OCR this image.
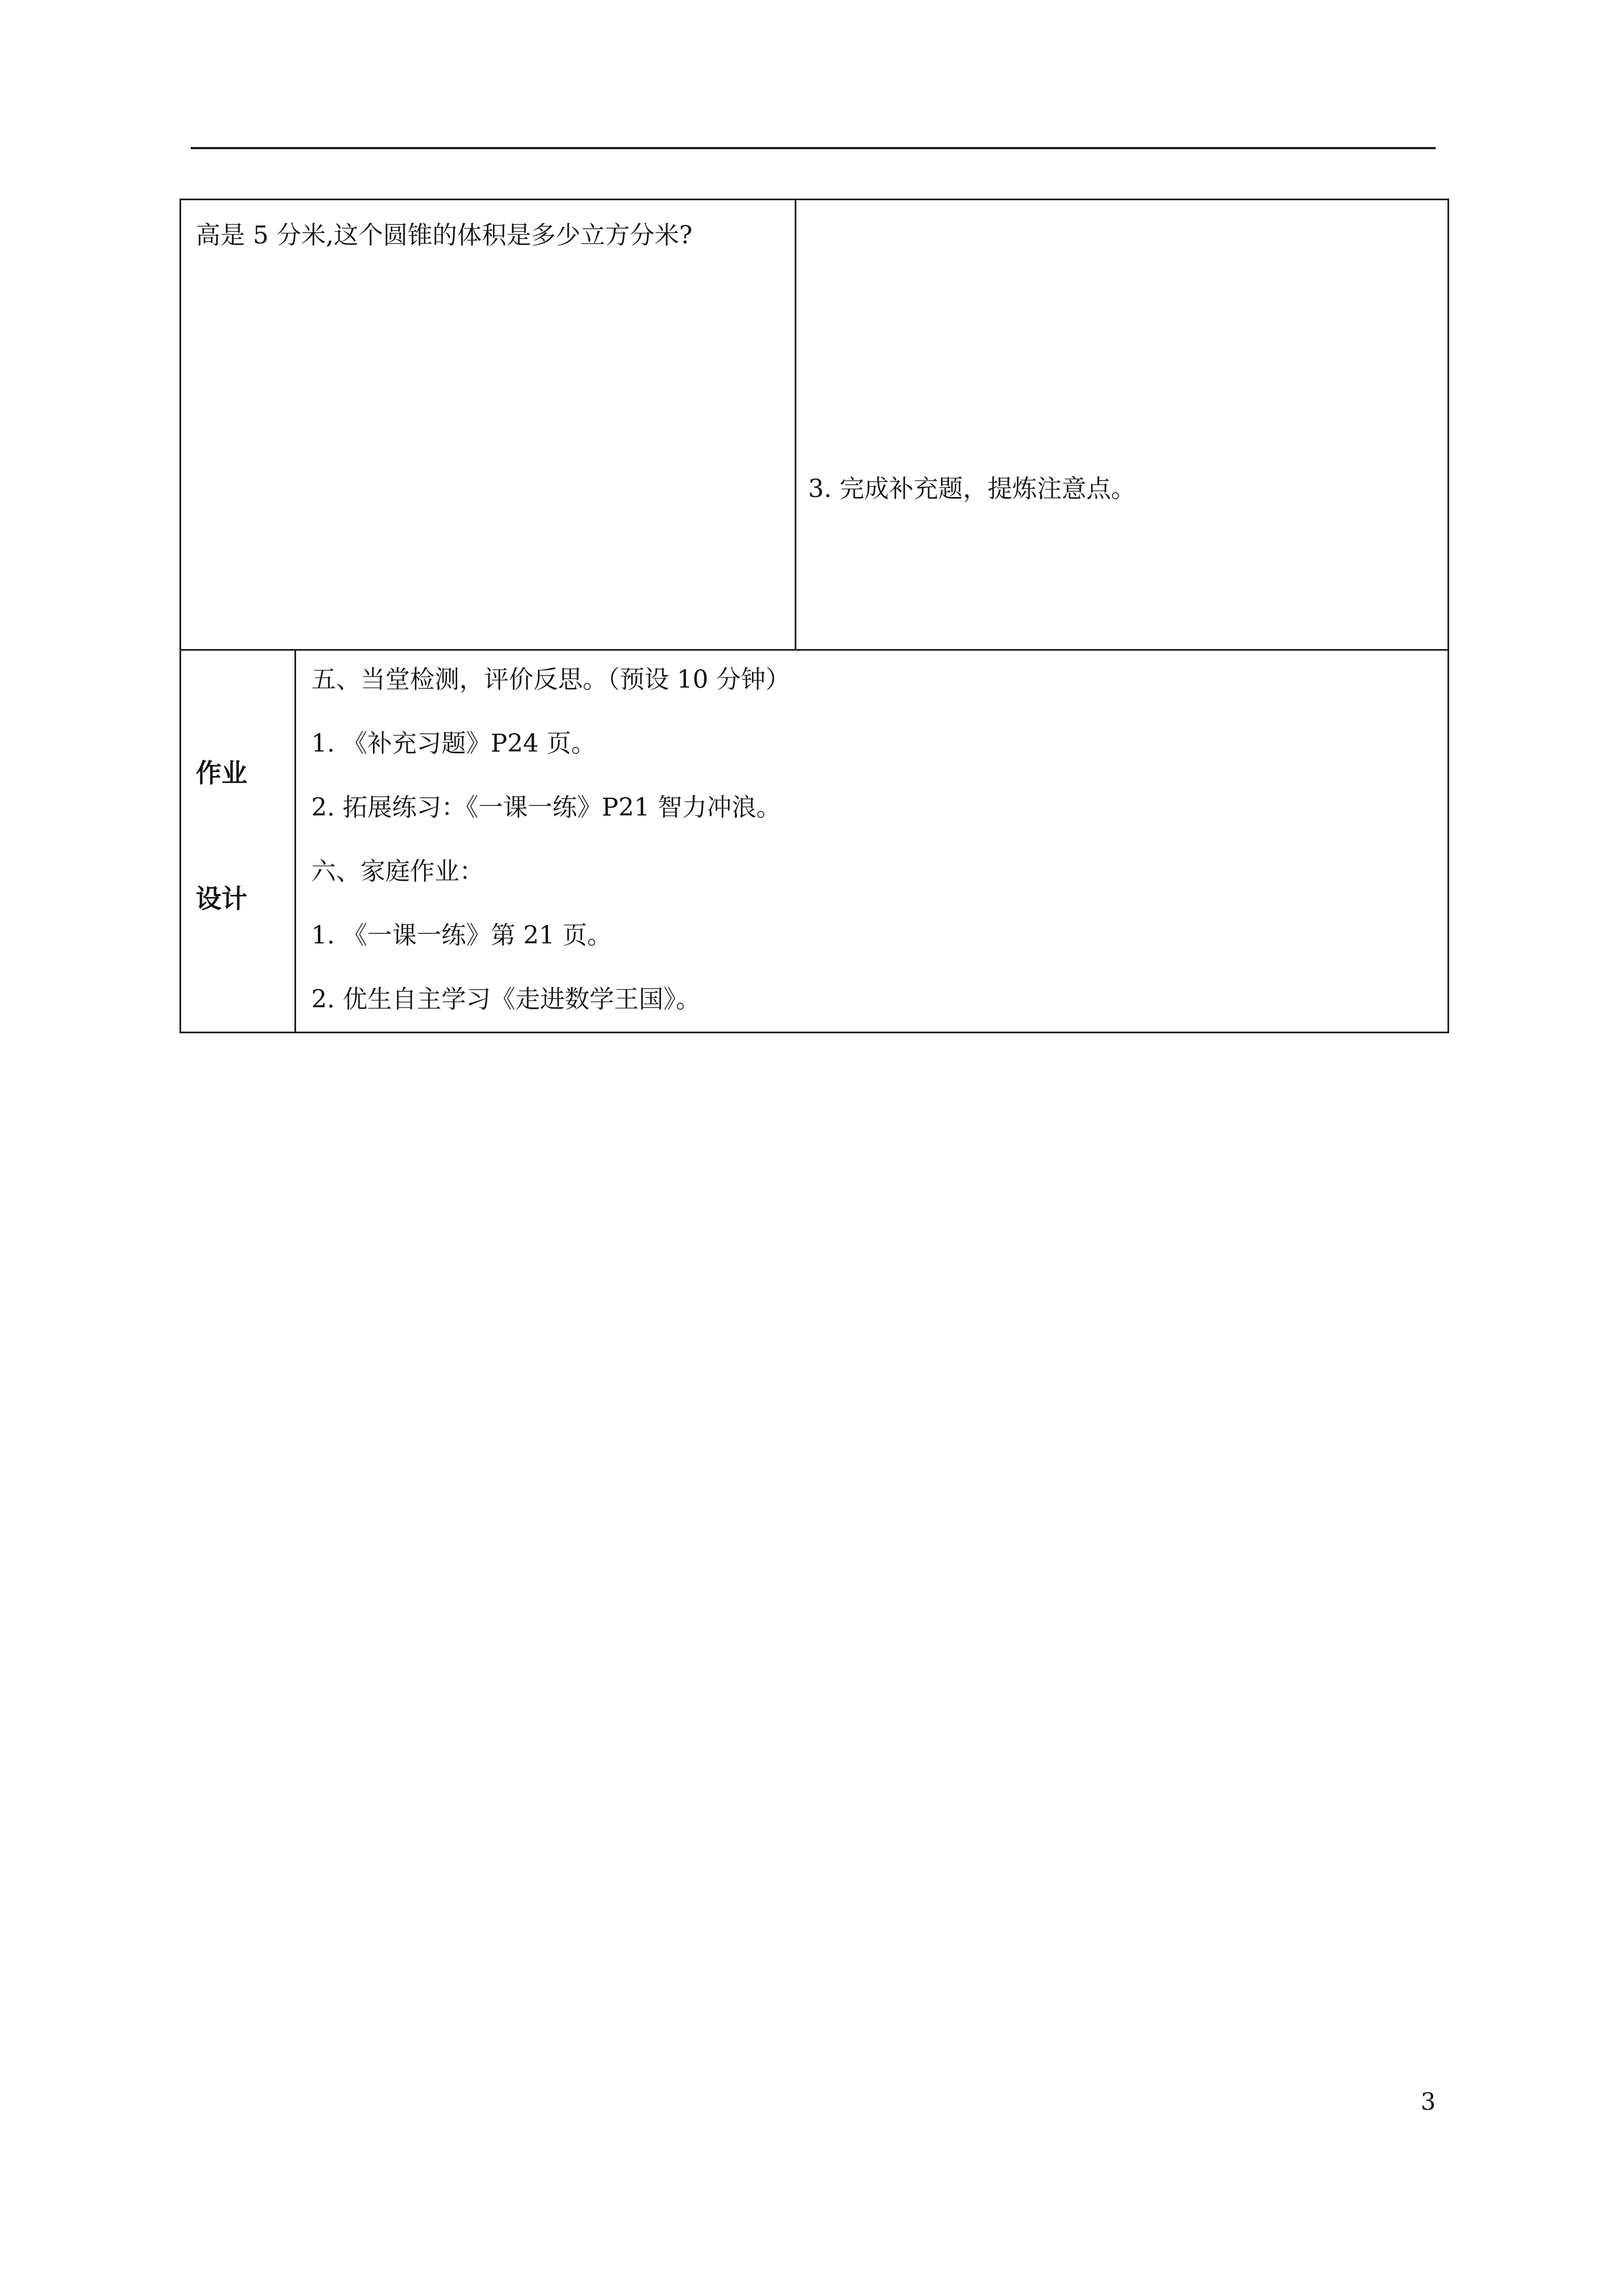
高是 5 分米,这个圆锥的体积是多少立方分米?
3. 完成补充题，提炼注意点。
作业
设计
五、当堂检测，评价反思。（预设 10 分钟）
1. 《补充习题》P24 页。
2. 拓展练习：《一课一练》P21 智力冲浪。
六、家庭作业：
1. 《一课一练》第 21 页。
2. 优生自主学习《走进数学王国》。
3
